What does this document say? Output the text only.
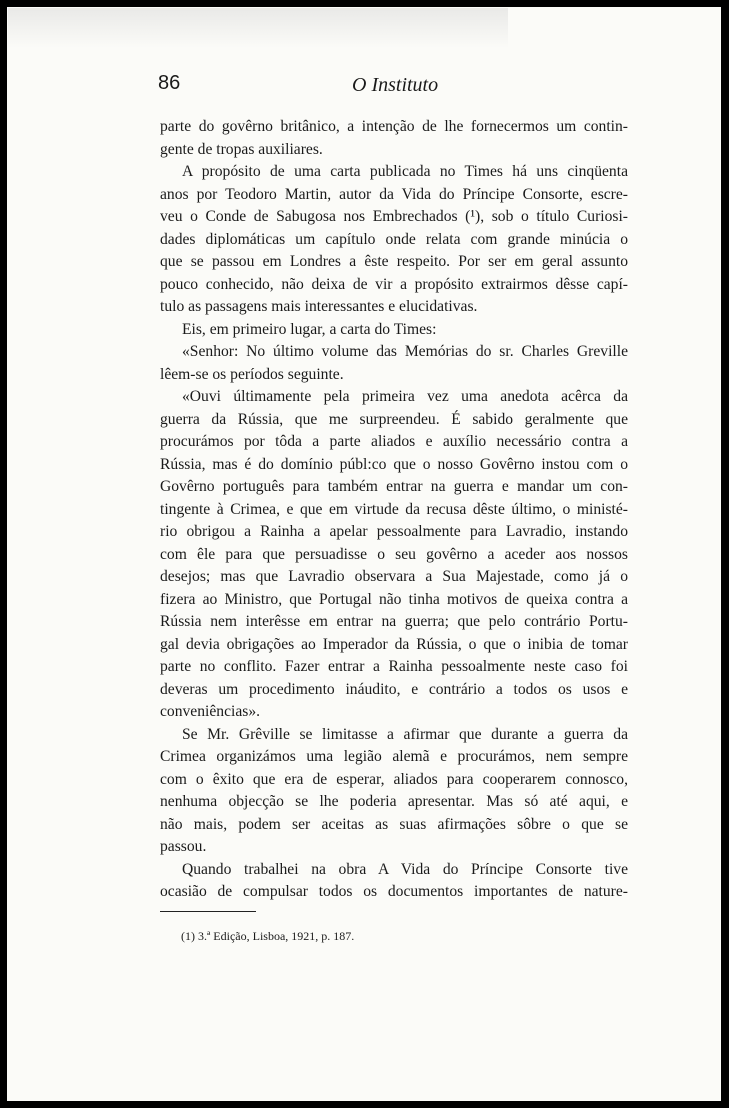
86	O Instituto
parte do govêrno britânico, a intenção de lhe fornecermos um contin-
gente de tropas auxiliares.
A propósito de uma carta publicada no Times há uns cinqüenta
anos por Teodoro Martin, autor da Vida do Príncipe Consorte, escre-
veu o Conde de Sabugosa nos Embrechados (¹), sob o título Curiosi-
dades diplomáticas um capítulo onde relata com grande minúcia o
que se passou em Londres a êste respeito. Por ser em geral assunto
pouco conhecido, não deixa de vir a propósito extrairmos dêsse capí-
tulo as passagens mais interessantes e elucidativas.
Eis, em primeiro lugar, a carta do Times:
«Senhor: No último volume das Memórias do sr. Charles Greville
lêem-se os períodos seguinte.
«Ouvi últimamente pela primeira vez uma anedota acêrca da
guerra da Rússia, que me surpreendeu. É sabido geralmente que
procurámos por tôda a parte aliados e auxílio necessário contra a
Rússia, mas é do domínio públ:co que o nosso Govêrno instou com o
Govêrno português para também entrar na guerra e mandar um con-
tingente à Crimea, e que em virtude da recusa dêste último, o ministé-
rio obrigou a Rainha a apelar pessoalmente para Lavradio, instando
com êle para que persuadisse o seu govêrno a aceder aos nossos
desejos; mas que Lavradio observara a Sua Majestade, como já o
fizera ao Ministro, que Portugal não tinha motivos de queixa contra a
Rússia nem interêsse em entrar na guerra; que pelo contrário Portu-
gal devia obrigações ao Imperador da Rússia, o que o inibia de tomar
parte no conflito. Fazer entrar a Rainha pessoalmente neste caso foi
deveras um procedimento ináudito, e contrário a todos os usos e
conveniências».
Se Mr. Grêville se limitasse a afirmar que durante a guerra da
Crimea organizámos uma legião alemã e procurámos, nem sempre
com o êxito que era de esperar, aliados para cooperarem connosco,
nenhuma objecção se lhe poderia apresentar. Mas só até aqui, e
não mais, podem ser aceitas as suas afirmações sôbre o que se
passou.
Quando trabalhei na obra A Vida do Príncipe Consorte tive
ocasião de compulsar todos os documentos importantes de nature-
(1) 3.ª Edição, Lisboa, 1921, p. 187.
